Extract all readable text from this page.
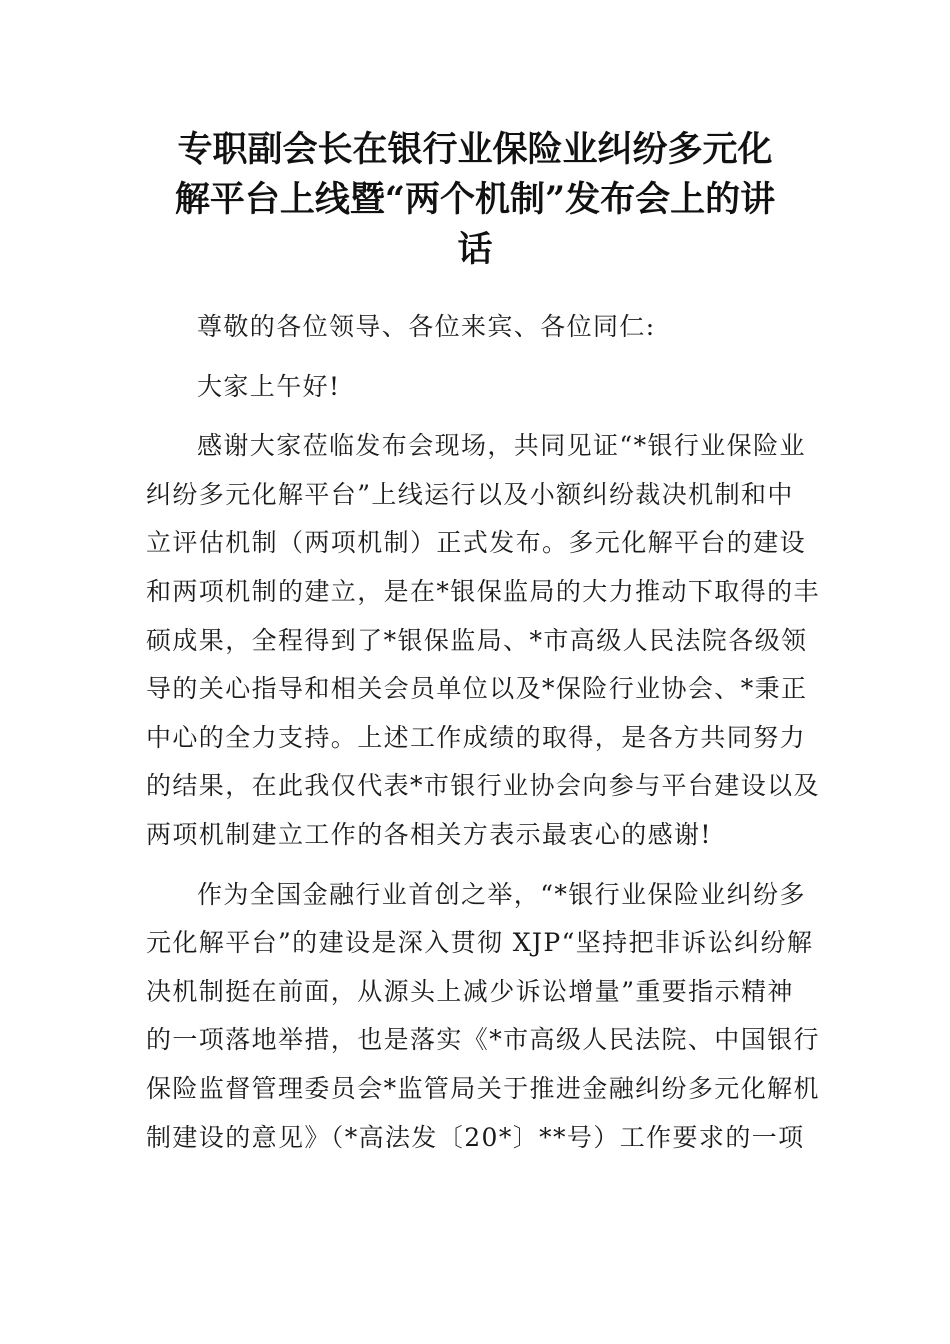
专职副会长在银行业保险业纠纷多元化
解平台上线暨“两个机制”发布会上的讲
话

尊敬的各位领导、各位来宾、各位同仁:

大家上午好!

感谢大家莅临发布会现场，共同见证“*银行业保险业
纠纷多元化解平台”上线运行以及小额纠纷裁决机制和中
立评估机制（两项机制）正式发布。多元化解平台的建设
和两项机制的建立，是在*银保监局的大力推动下取得的丰
硕成果，全程得到了*银保监局、*市高级人民法院各级领
导的关心指导和相关会员单位以及*保险行业协会、*秉正
中心的全力支持。上述工作成绩的取得，是各方共同努力
的结果，在此我仅代表*市银行业协会向参与平台建设以及
两项机制建立工作的各相关方表示最衷心的感谢!

作为全国金融行业首创之举，“*银行业保险业纠纷多
元化解平台”的建设是深入贯彻 XJP“坚持把非诉讼纠纷解
决机制挺在前面，从源头上减少诉讼增量”重要指示精神
的一项落地举措，也是落实《*市高级人民法院、中国银行
保险监督管理委员会*监管局关于推进金融纠纷多元化解机
制建设的意见》（*高法发〔20*〕**号）工作要求的一项
